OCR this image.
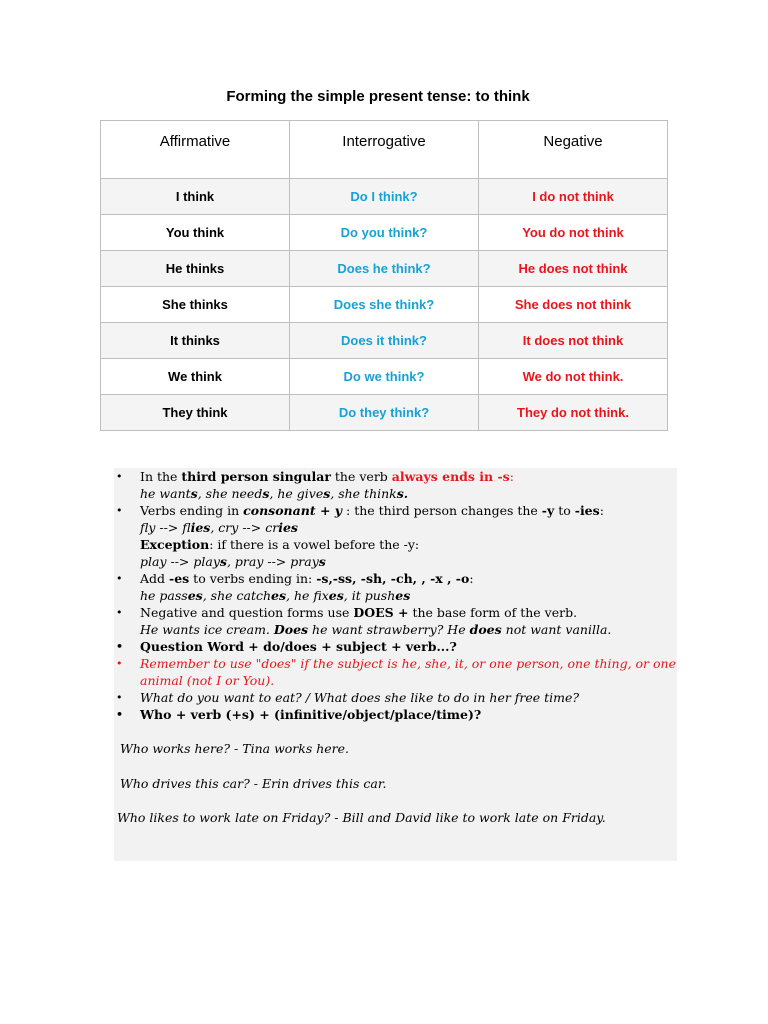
Forming the simple present tense: to think
Affirmative	Interrogative	Negative
I think	Do I think?	I do not think
You think	Do you think?	You do not think
He thinks	Does he think?	He does not think
She thinks	Does she think?	She does not think
It thinks	Does it think?	It does not think
We think	Do we think?	We do not think.
They think	Do they think?	They do not think.
• In the third person singular the verb always ends in -s:
he wants, she needs, he gives, she thinks.
• Verbs ending in consonant + y : the third person changes the -y to -ies:
fly --> flies, cry --> cries
Exception: if there is a vowel before the -y:
play --> plays, pray --> prays
• Add -es to verbs ending in: -s,-ss, -sh, -ch, , -x , -o:
he passes, she catches, he fixes, it pushes
• Negative and question forms use DOES + the base form of the verb.
He wants ice cream. Does he want strawberry? He does not want vanilla.
• Question Word + do/does + subject + verb...?
• Remember to use "does" if the subject is he, she, it, or one person, one thing, or one animal (not I or You).
• What do you want to eat? / What does she like to do in her free time?
• Who + verb (+s) + (infinitive/object/place/time)?
Who works here? - Tina works here.
Who drives this car? - Erin drives this car.
Who likes to work late on Friday? - Bill and David like to work late on Friday.
